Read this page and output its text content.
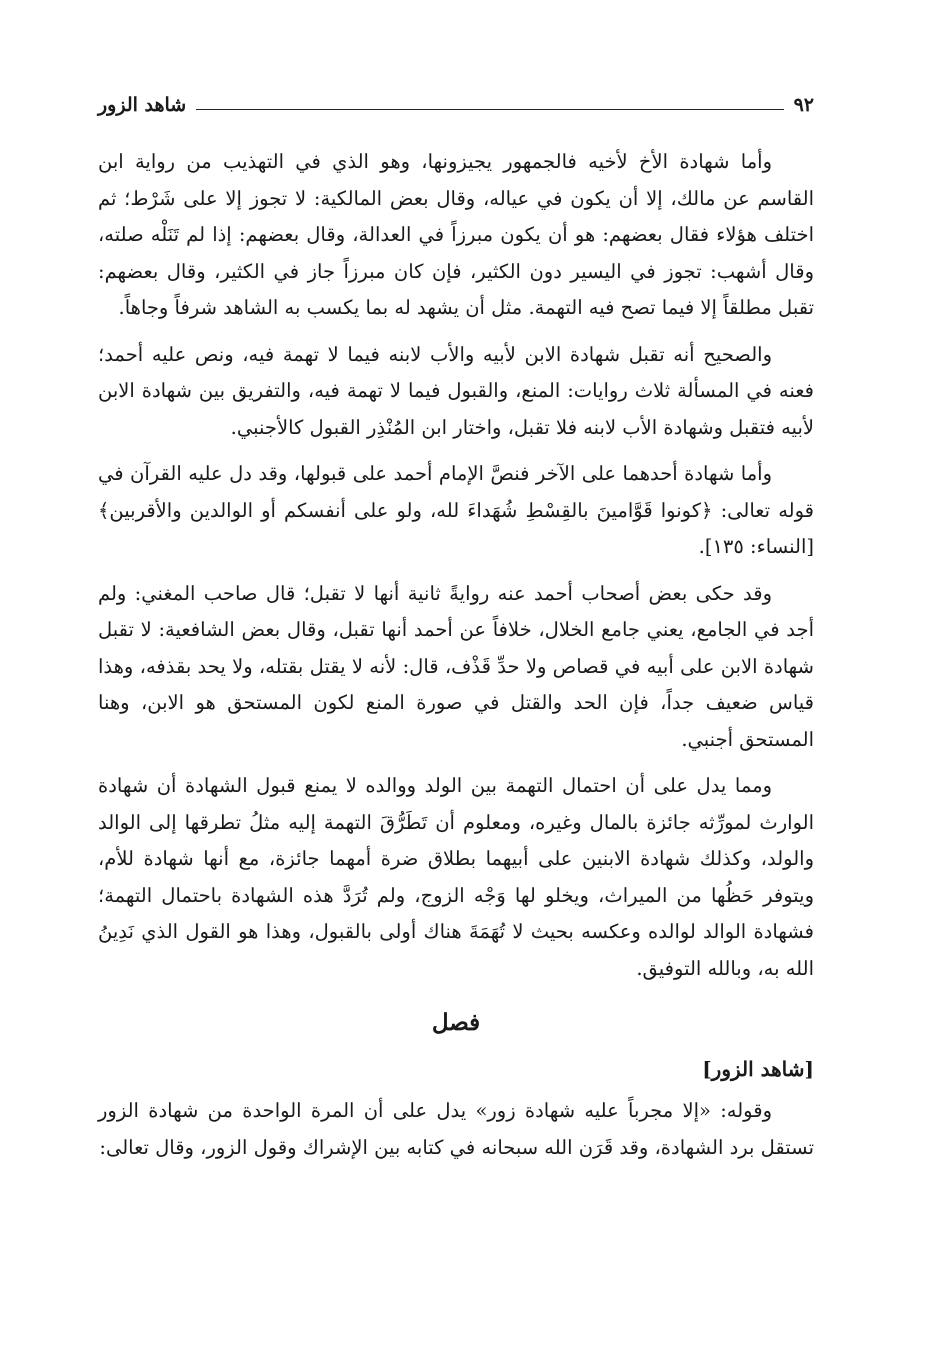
٩٢
شاهد الزور

وأما شهادة الأخ لأخيه فالجمهور يجيزونها، وهو الذي في التهذيب من رواية ابن القاسم عن مالك، إلا أن يكون في عياله، وقال بعض المالكية: لا تجوز إلا على شَرْط؛ ثم اختلف هؤلاء فقال بعضهم: هو أن يكون مبرزاً في العدالة، وقال بعضهم: إذا لم تَنَلْه صلته، وقال أشهب: تجوز في اليسير دون الكثير، فإن كان مبرزاً جاز في الكثير، وقال بعضهم: تقبل مطلقاً إلا فيما تصح فيه التهمة. مثل أن يشهد له بما يكسب به الشاهد شرفاً وجاهاً.

والصحيح أنه تقبل شهادة الابن لأبيه والأب لابنه فيما لا تهمة فيه، ونص عليه أحمد؛ فعنه في المسألة ثلاث روايات: المنع، والقبول فيما لا تهمة فيه، والتفريق بين شهادة الابن لأبيه فتقبل وشهادة الأب لابنه فلا تقبل، واختار ابن المُنْذِر القبول كالأجنبي.

وأما شهادة أحدهما على الآخر فنصَّ الإمام أحمد على قبولها، وقد دل عليه القرآن في قوله تعالى: ﴿كونوا قَوَّامينَ بالقِسْطِ شُهَداءَ لله، ولو على أنفسكم أو الوالدين والأقربين﴾ [النساء: ١٣٥].

وقد حكى بعض أصحاب أحمد عنه روايةً ثانية أنها لا تقبل؛ قال صاحب المغني: ولم أجد في الجامع، يعني جامع الخلال، خلافاً عن أحمد أنها تقبل، وقال بعض الشافعية: لا تقبل شهادة الابن على أبيه في قصاص ولا حدِّ قَذْف، قال: لأنه لا يقتل بقتله، ولا يحد بقذفه، وهذا قياس ضعيف جداً، فإن الحد والقتل في صورة المنع لكون المستحق هو الابن، وهنا المستحق أجنبي.

ومما يدل على أن احتمال التهمة بين الولد ووالده لا يمنع قبول الشهادة أن شهادة الوارث لمورِّثه جائزة بالمال وغيره، ومعلوم أن تَطَرُّقَ التهمة إليه مثلُ تطرقها إلى الوالد والولد، وكذلك شهادة الابنين على أبيهما بطلاق ضرة أمهما جائزة، مع أنها شهادة للأم، ويتوفر حَظُها من الميراث، ويخلو لها وَجْه الزوج، ولم تُرَدَّ هذه الشهادة باحتمال التهمة؛ فشهادة الوالد لوالده وعكسه بحيث لا تُهَمَةَ هناك أولى بالقبول، وهذا هو القول الذي نَدِينُ الله به، وبالله التوفيق.

فصل
[شاهد الزور]

وقوله: «إلا مجرباً عليه شهادة زور» يدل على أن المرة الواحدة من شهادة الزور تستقل برد الشهادة، وقد قَرَن الله سبحانه في كتابه بين الإشراك وقول الزور، وقال تعالى:
